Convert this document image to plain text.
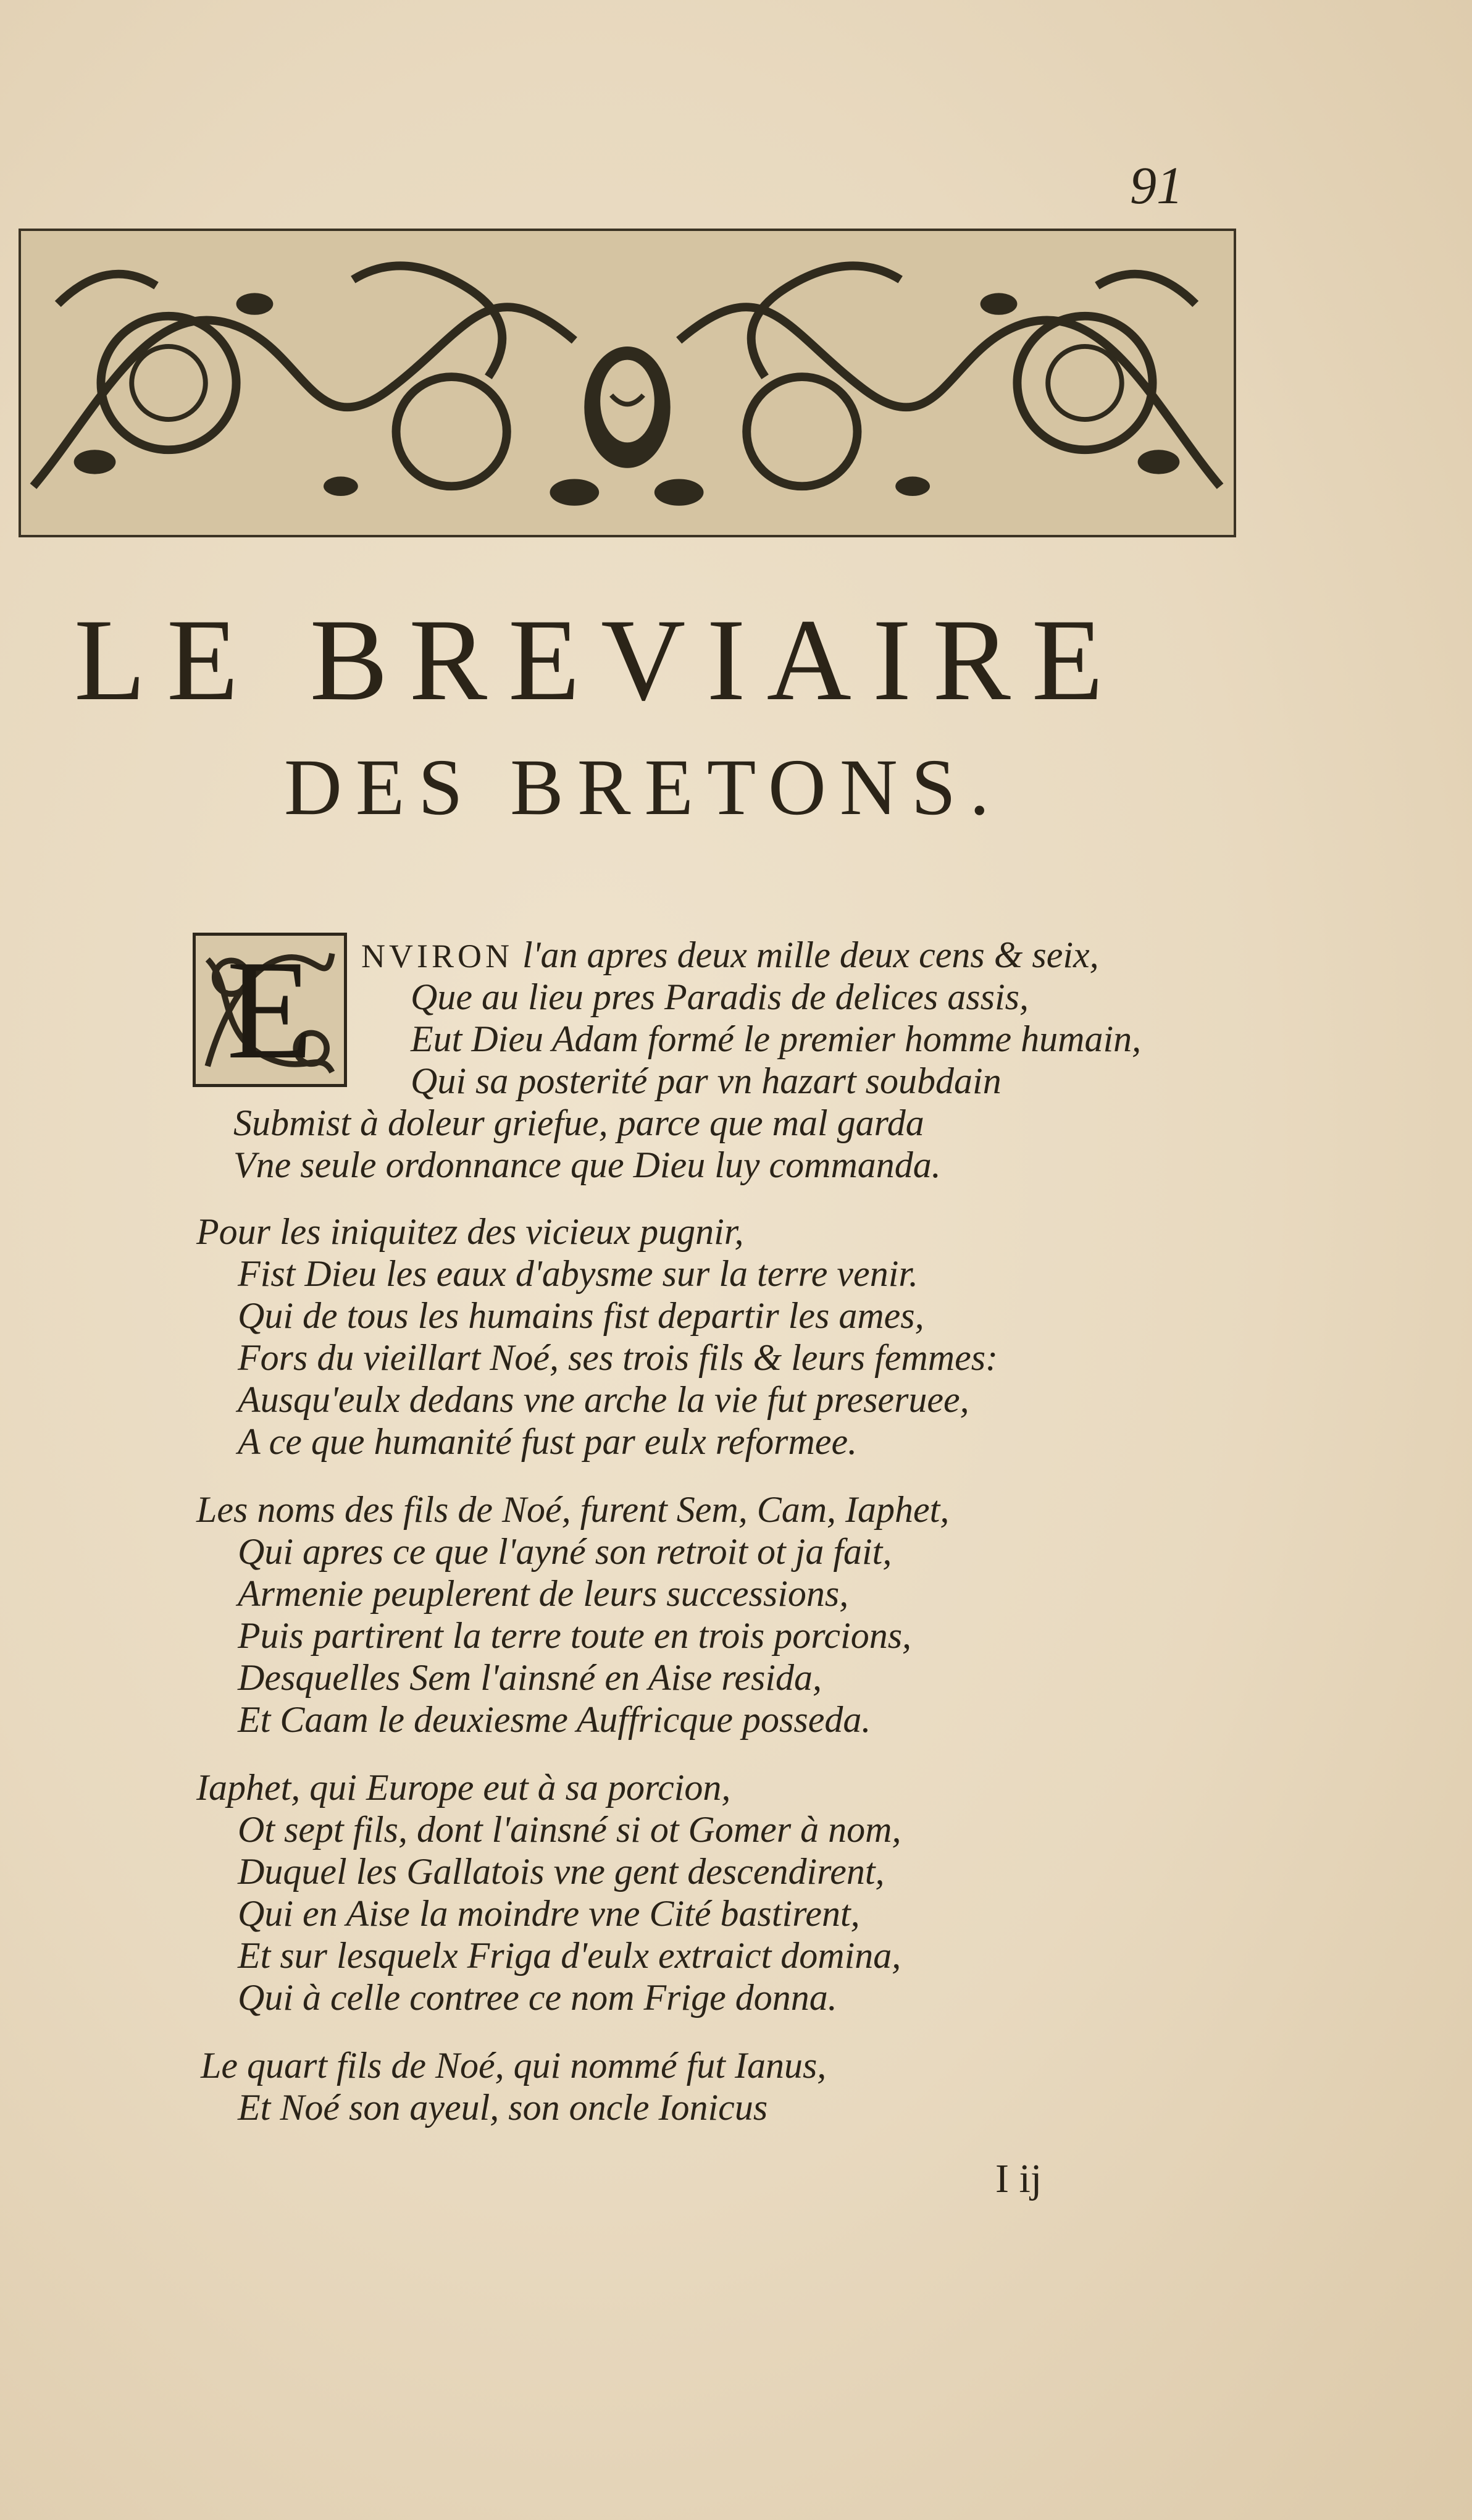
91
LE BREVIAIRE
DES BRETONS.
E	NVIRON l'an apres deux mille deux cens & seix,
Que au lieu pres Paradis de delices assis,
Eut Dieu Adam formé le premier homme humain,
Qui sa posterité par vn hazart soubdain
Submist à doleur griefue, parce que mal garda
Vne seule ordonnance que Dieu luy commanda.
Pour les iniquitez des vicieux pugnir,
Fist Dieu les eaux d'abysme sur la terre venir.
Qui de tous les humains fist departir les ames,
Fors du vieillart Noé, ses trois fils & leurs femmes:
Ausqu'eulx dedans vne arche la vie fut preseruee,
A ce que humanité fust par eulx reformee.
Les noms des fils de Noé, furent Sem, Cam, Iaphet,
Qui apres ce que l'ayné son retroit ot ja fait,
Armenie peuplerent de leurs successions,
Puis partirent la terre toute en trois porcions,
Desquelles Sem l'ainsné en Aise resida,
Et Caam le deuxiesme Auffricque posseda.
Iaphet, qui Europe eut à sa porcion,
Ot sept fils, dont l'ainsné si ot Gomer à nom,
Duquel les Gallatois vne gent descendirent,
Qui en Aise la moindre vne Cité bastirent,
Et sur lesquelx Friga d'eulx extraict domina,
Qui à celle contree ce nom Frige donna.
Le quart fils de Noé, qui nommé fut Ianus,
Et Noé son ayeul, son oncle Ionicus
I ij
